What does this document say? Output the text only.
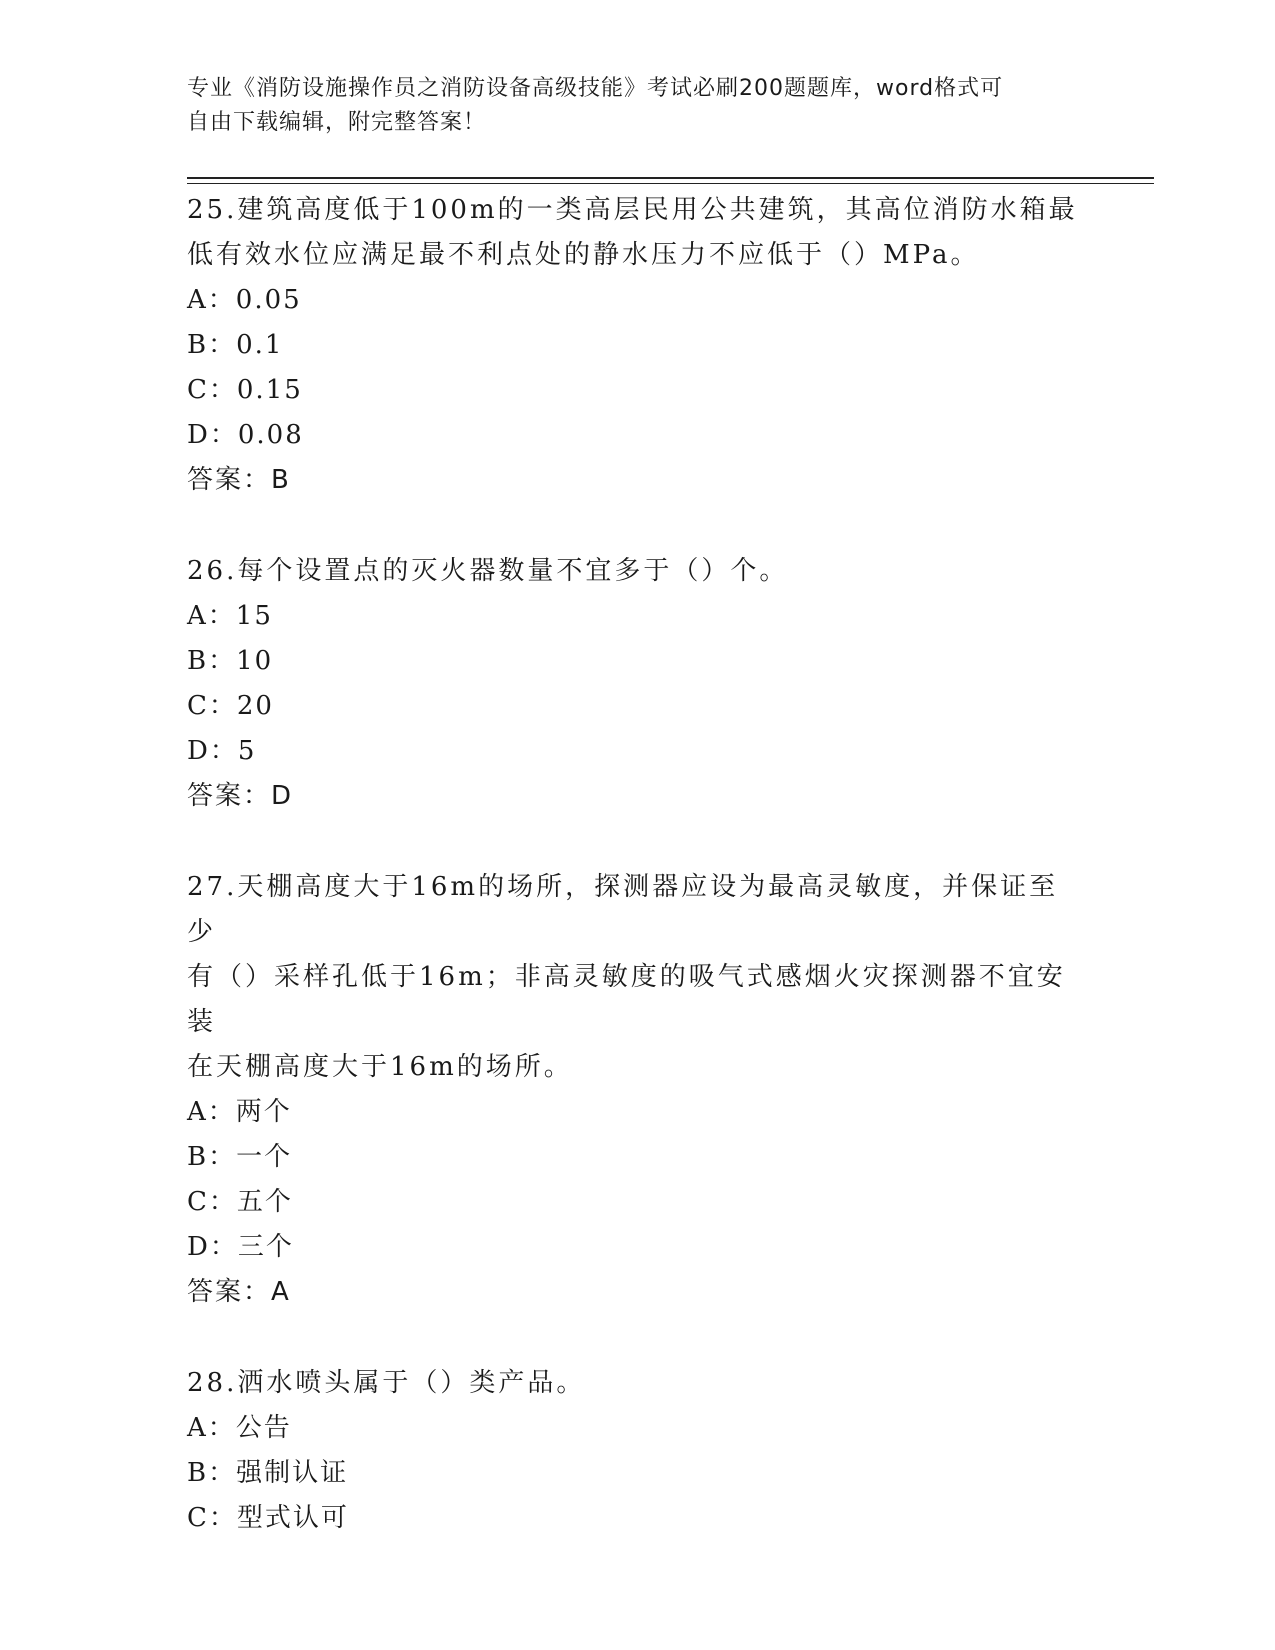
专业《消防设施操作员之消防设备高级技能》考试必刷200题题库，word格式可
自由下载编辑，附完整答案！
25.建筑高度低于100m的一类高层民用公共建筑，其高位消防水箱最
低有效水位应满足最不利点处的静水压力不应低于（）MPa。
A：0.05
B：0.1
C：0.15
D：0.08
答案：B
26.每个设置点的灭火器数量不宜多于（）个。
A：15
B：10
C：20
D：5
答案：D
27.天棚高度大于16m的场所，探测器应设为最高灵敏度，并保证至少
有（）采样孔低于16m；非高灵敏度的吸气式感烟火灾探测器不宜安装
在天棚高度大于16m的场所。
A：两个
B：一个
C：五个
D：三个
答案：A
28.洒水喷头属于（）类产品。
A：公告
B：强制认证
C：型式认可
